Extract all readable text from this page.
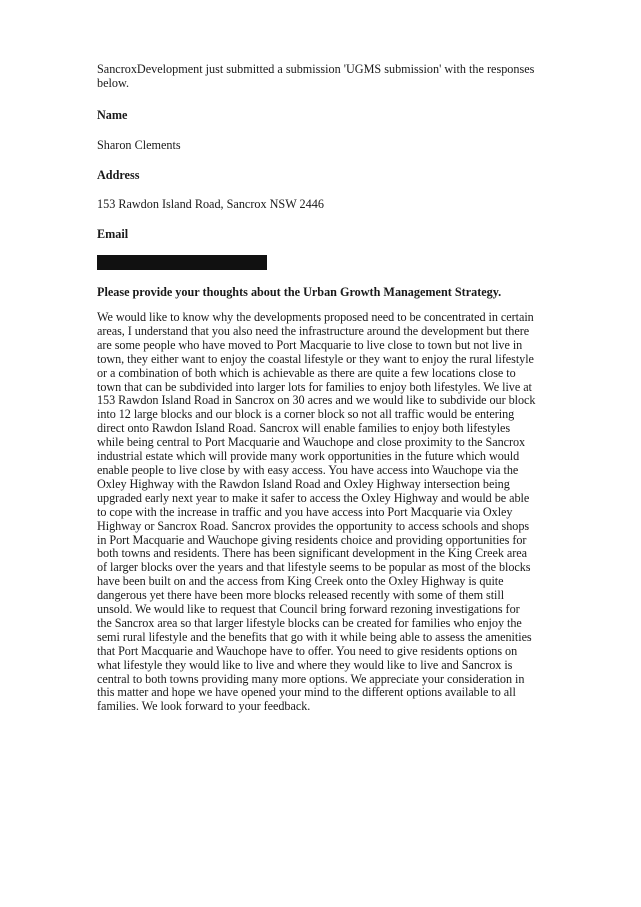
SancroxDevelopment just submitted a submission 'UGMS submission' with the responses below.

Name

Sharon Clements

Address

153 Rawdon Island Road, Sancrox NSW 2446

Email

Please provide your thoughts about the Urban Growth Management Strategy.

We would like to know why the developments proposed need to be concentrated in certain areas, I understand that you also need the infrastructure around the development but there are some people who have moved to Port Macquarie to live close to town but not live in town, they either want to enjoy the coastal lifestyle or they want to enjoy the rural lifestyle or a combination of both which is achievable as there are quite a few locations close to town that can be subdivided into larger lots for families to enjoy both lifestyles. We live at 153 Rawdon Island Road in Sancrox on 30 acres and we would like to subdivide our block into 12 large blocks and our block is a corner block so not all traffic would be entering direct onto Rawdon Island Road. Sancrox will enable families to enjoy both lifestyles while being central to Port Macquarie and Wauchope and close proximity to the Sancrox industrial estate which will provide many work opportunities in the future which would enable people to live close by with easy access. You have access into Wauchope via the Oxley Highway with the Rawdon Island Road and Oxley Highway intersection being upgraded early next year to make it safer to access the Oxley Highway and would be able to cope with the increase in traffic and you have access into Port Macquarie via Oxley Highway or Sancrox Road. Sancrox provides the opportunity to access schools and shops in Port Macquarie and Wauchope giving residents choice and providing opportunities for both towns and residents. There has been significant development in the King Creek area of larger blocks over the years and that lifestyle seems to be popular as most of the blocks have been built on and the access from King Creek onto the Oxley Highway is quite dangerous yet there have been more blocks released recently with some of them still unsold. We would like to request that Council bring forward rezoning investigations for the Sancrox area so that larger lifestyle blocks can be created for families who enjoy the semi rural lifestyle and the benefits that go with it while being able to assess the amenities that Port Macquarie and Wauchope have to offer. You need to give residents options on what lifestyle they would like to live and where they would like to live and Sancrox is central to both towns providing many more options. We appreciate your consideration in this matter and hope we have opened your mind to the different options available to all families. We look forward to your feedback.
